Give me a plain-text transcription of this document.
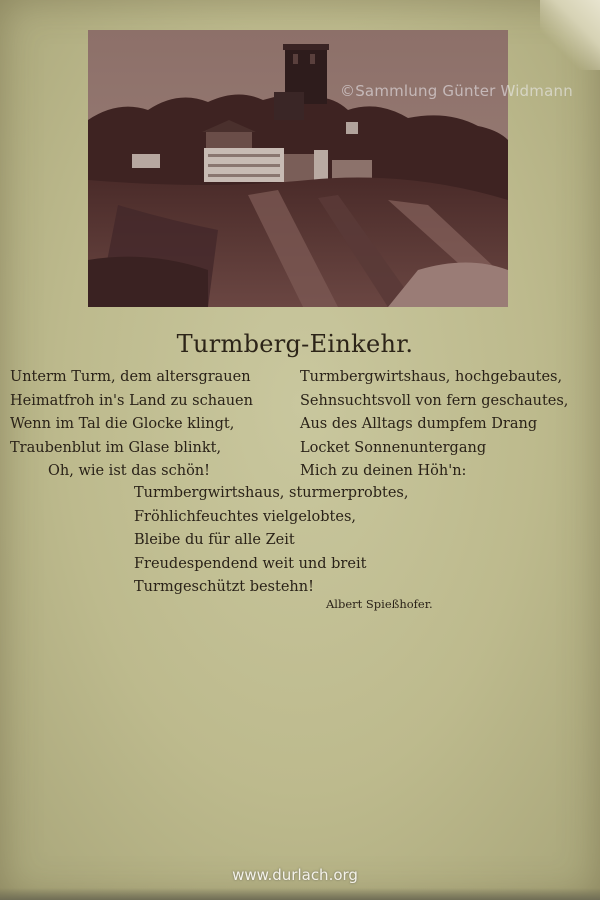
©Sammlung Günter Widmann
Turmberg-Einkehr.
Unterm Turm, dem altersgrauen
Heimatfroh in's Land zu schauen
Wenn im Tal die Glocke klingt,
Traubenblut im Glase blinkt,
Oh, wie ist das schön!
Turmbergwirtshaus, hochgebautes,
Sehnsuchtsvoll von fern geschautes,
Aus des Alltags dumpfem Drang
Locket Sonnenuntergang
Mich zu deinen Höh'n:
Turmbergwirtshaus, sturmerprobtes,
Fröhlichfeuchtes vielgelobtes,
Bleibe du für alle Zeit
Freudespendend weit und breit
Turmgeschützt bestehn!
Albert Spießhofer.
www.durlach.org
